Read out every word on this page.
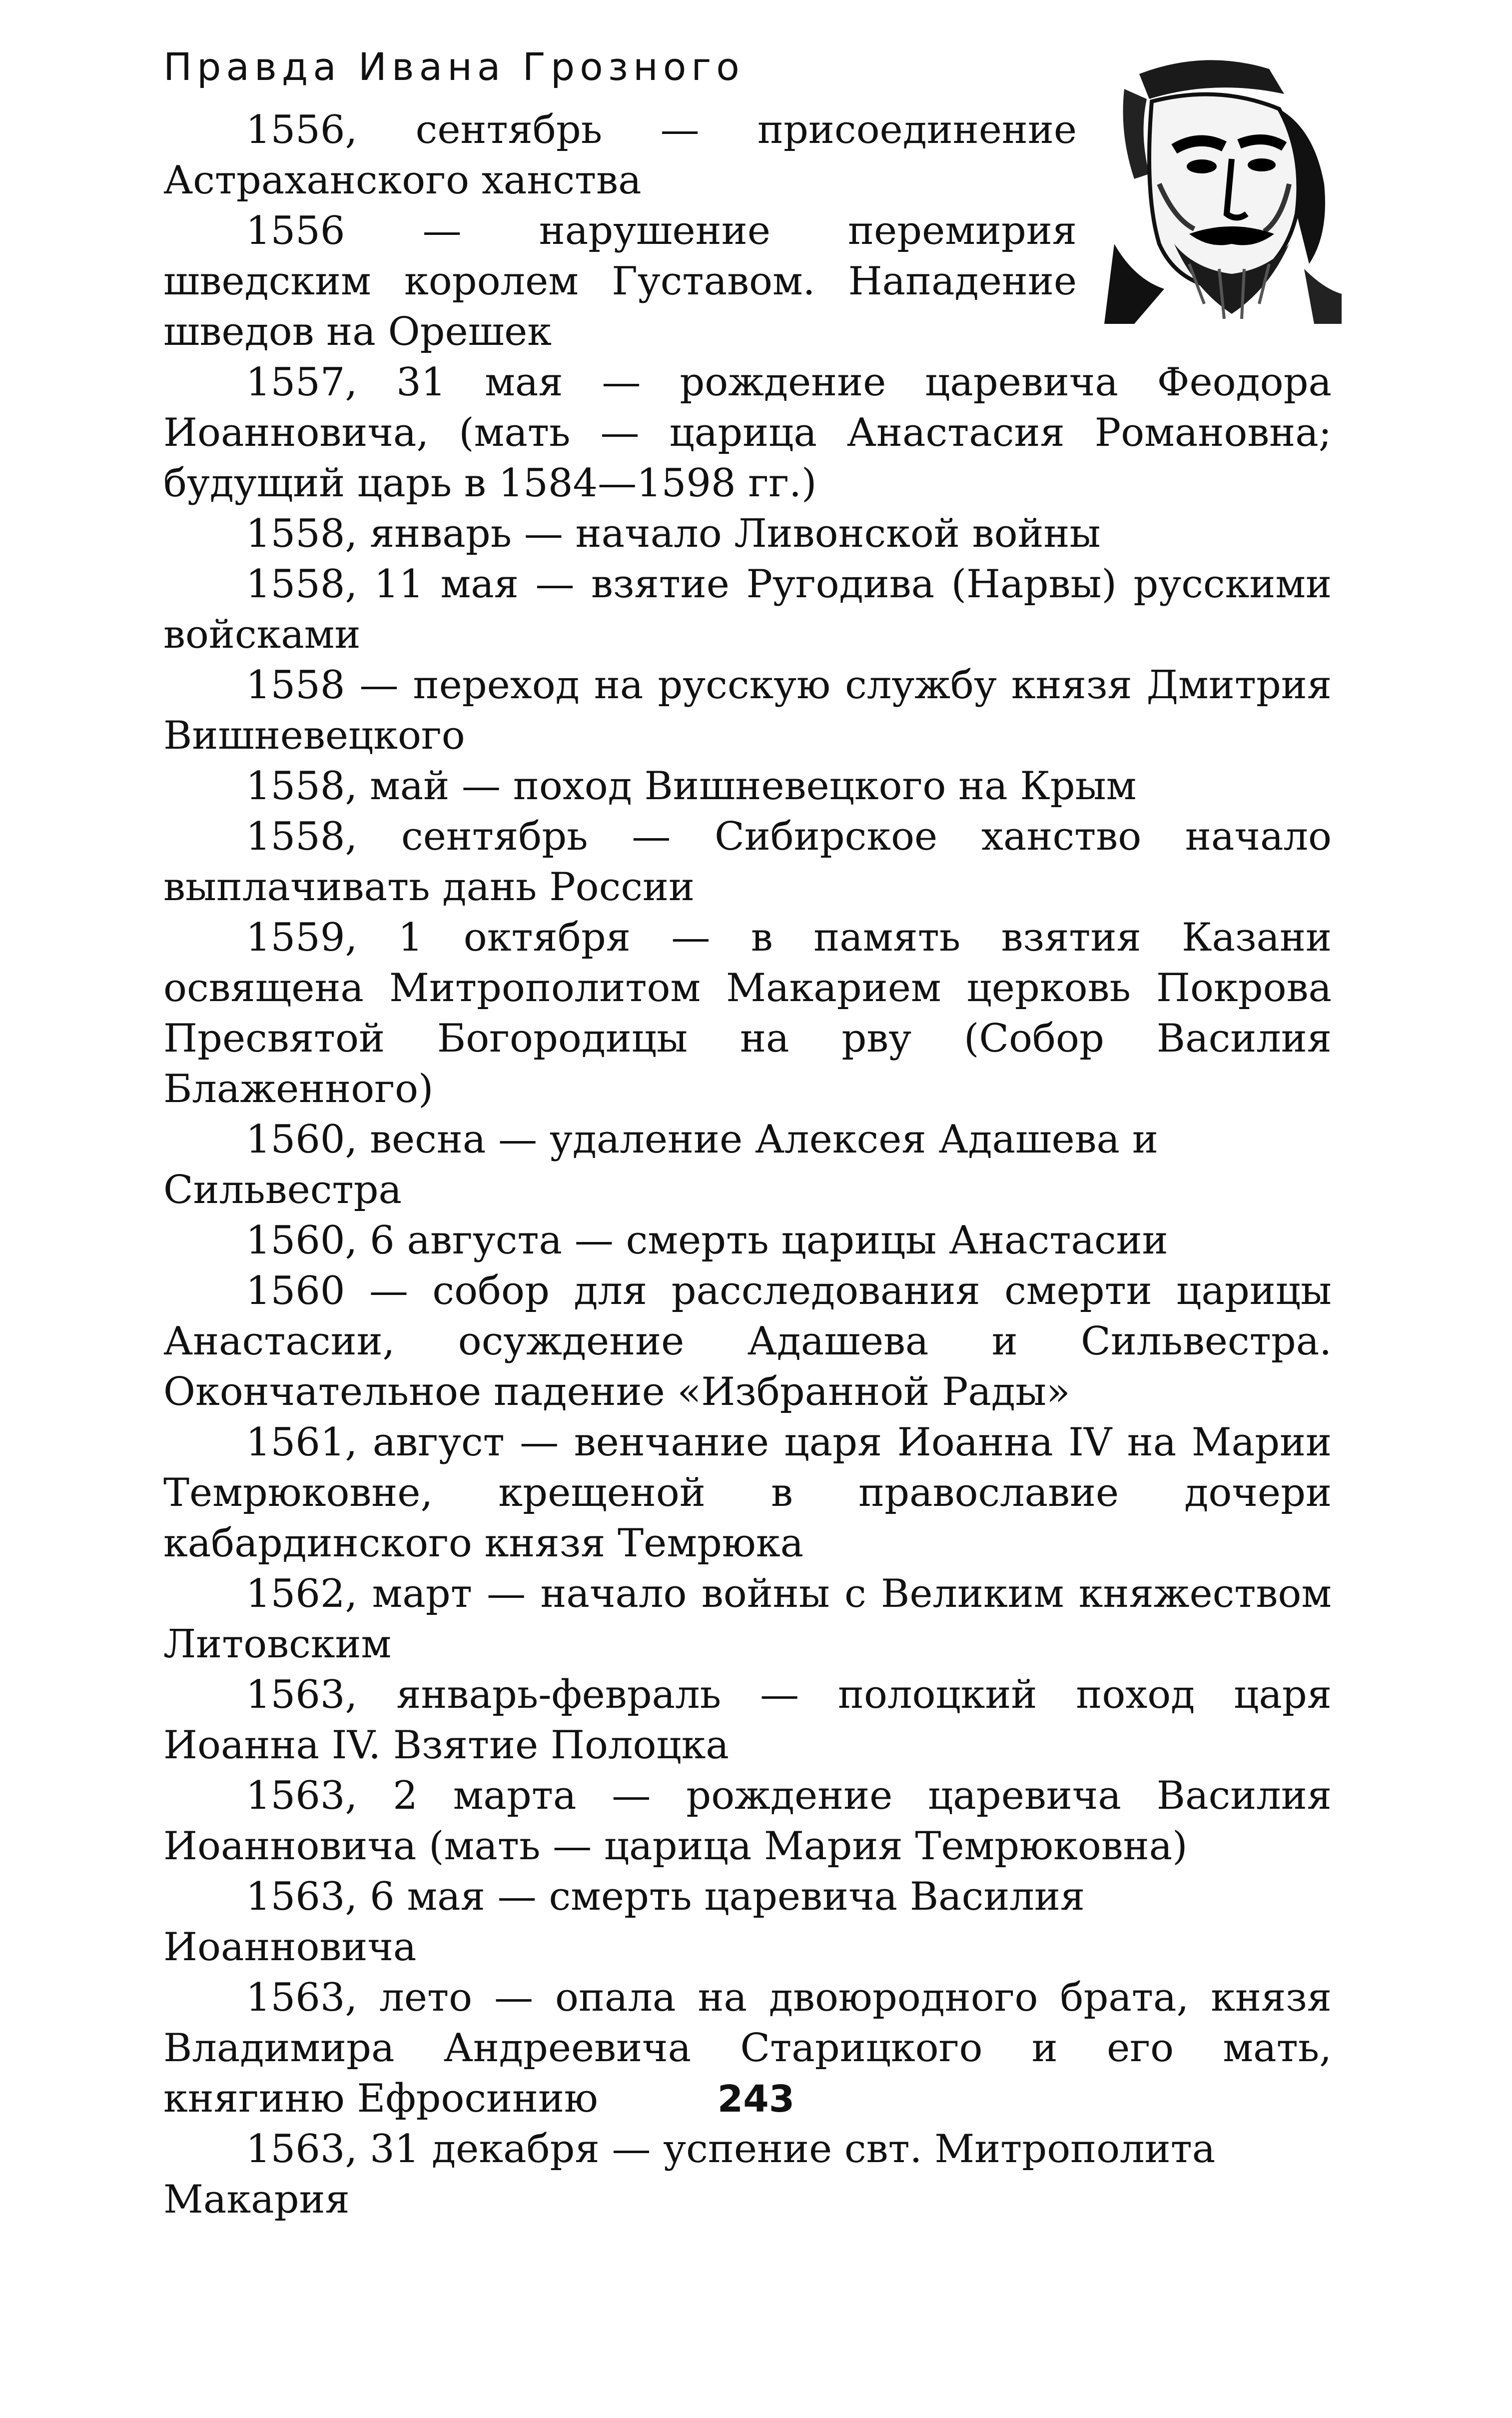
Правда Ивана Грозного

1556, сентябрь — присоединение Астраханского ханства

1556 — нарушение перемирия шведским королем Густавом. Нападение шведов на Орешек

1557, 31 мая — рождение царевича Феодора Иоанновича, (мать — царица Анастасия Романовна; будущий царь в 1584—1598 гг.)

1558, январь — начало Ливонской войны

1558, 11 мая — взятие Ругодива (Нарвы) русскими войсками

1558 — переход на русскую службу князя Дмитрия Вишневецкого

1558, май — поход Вишневецкого на Крым

1558, сентябрь — Сибирское ханство начало выплачивать дань России

1559, 1 октября — в память взятия Казани освящена Митрополитом Макарием церковь Покрова Пресвятой Богородицы на рву (Собор Василия Блаженного)

1560, весна — удаление Алексея Адашева и Сильвестра

1560, 6 августа — смерть царицы Анастасии

1560 — собор для расследования смерти царицы Анастасии, осуждение Адашева и Сильвестра. Окончательное падение «Избранной Рады»

1561, август — венчание царя Иоанна IV на Марии Темрюковне, крещеной в православие дочери кабардинского князя Темрюка

1562, март — начало войны с Великим княжеством Литовским

1563, январь-февраль — полоцкий поход царя Иоанна IV. Взятие Полоцка

1563, 2 марта — рождение царевича Василия Иоанновича (мать — царица Мария Темрюковна)

1563, 6 мая — смерть царевича Василия Иоанновича

1563, лето — опала на двоюродного брата, князя Владимира Андреевича Старицкого и его мать, княгиню Ефросинию

1563, 31 декабря — успение свт. Митрополита Макария

243
